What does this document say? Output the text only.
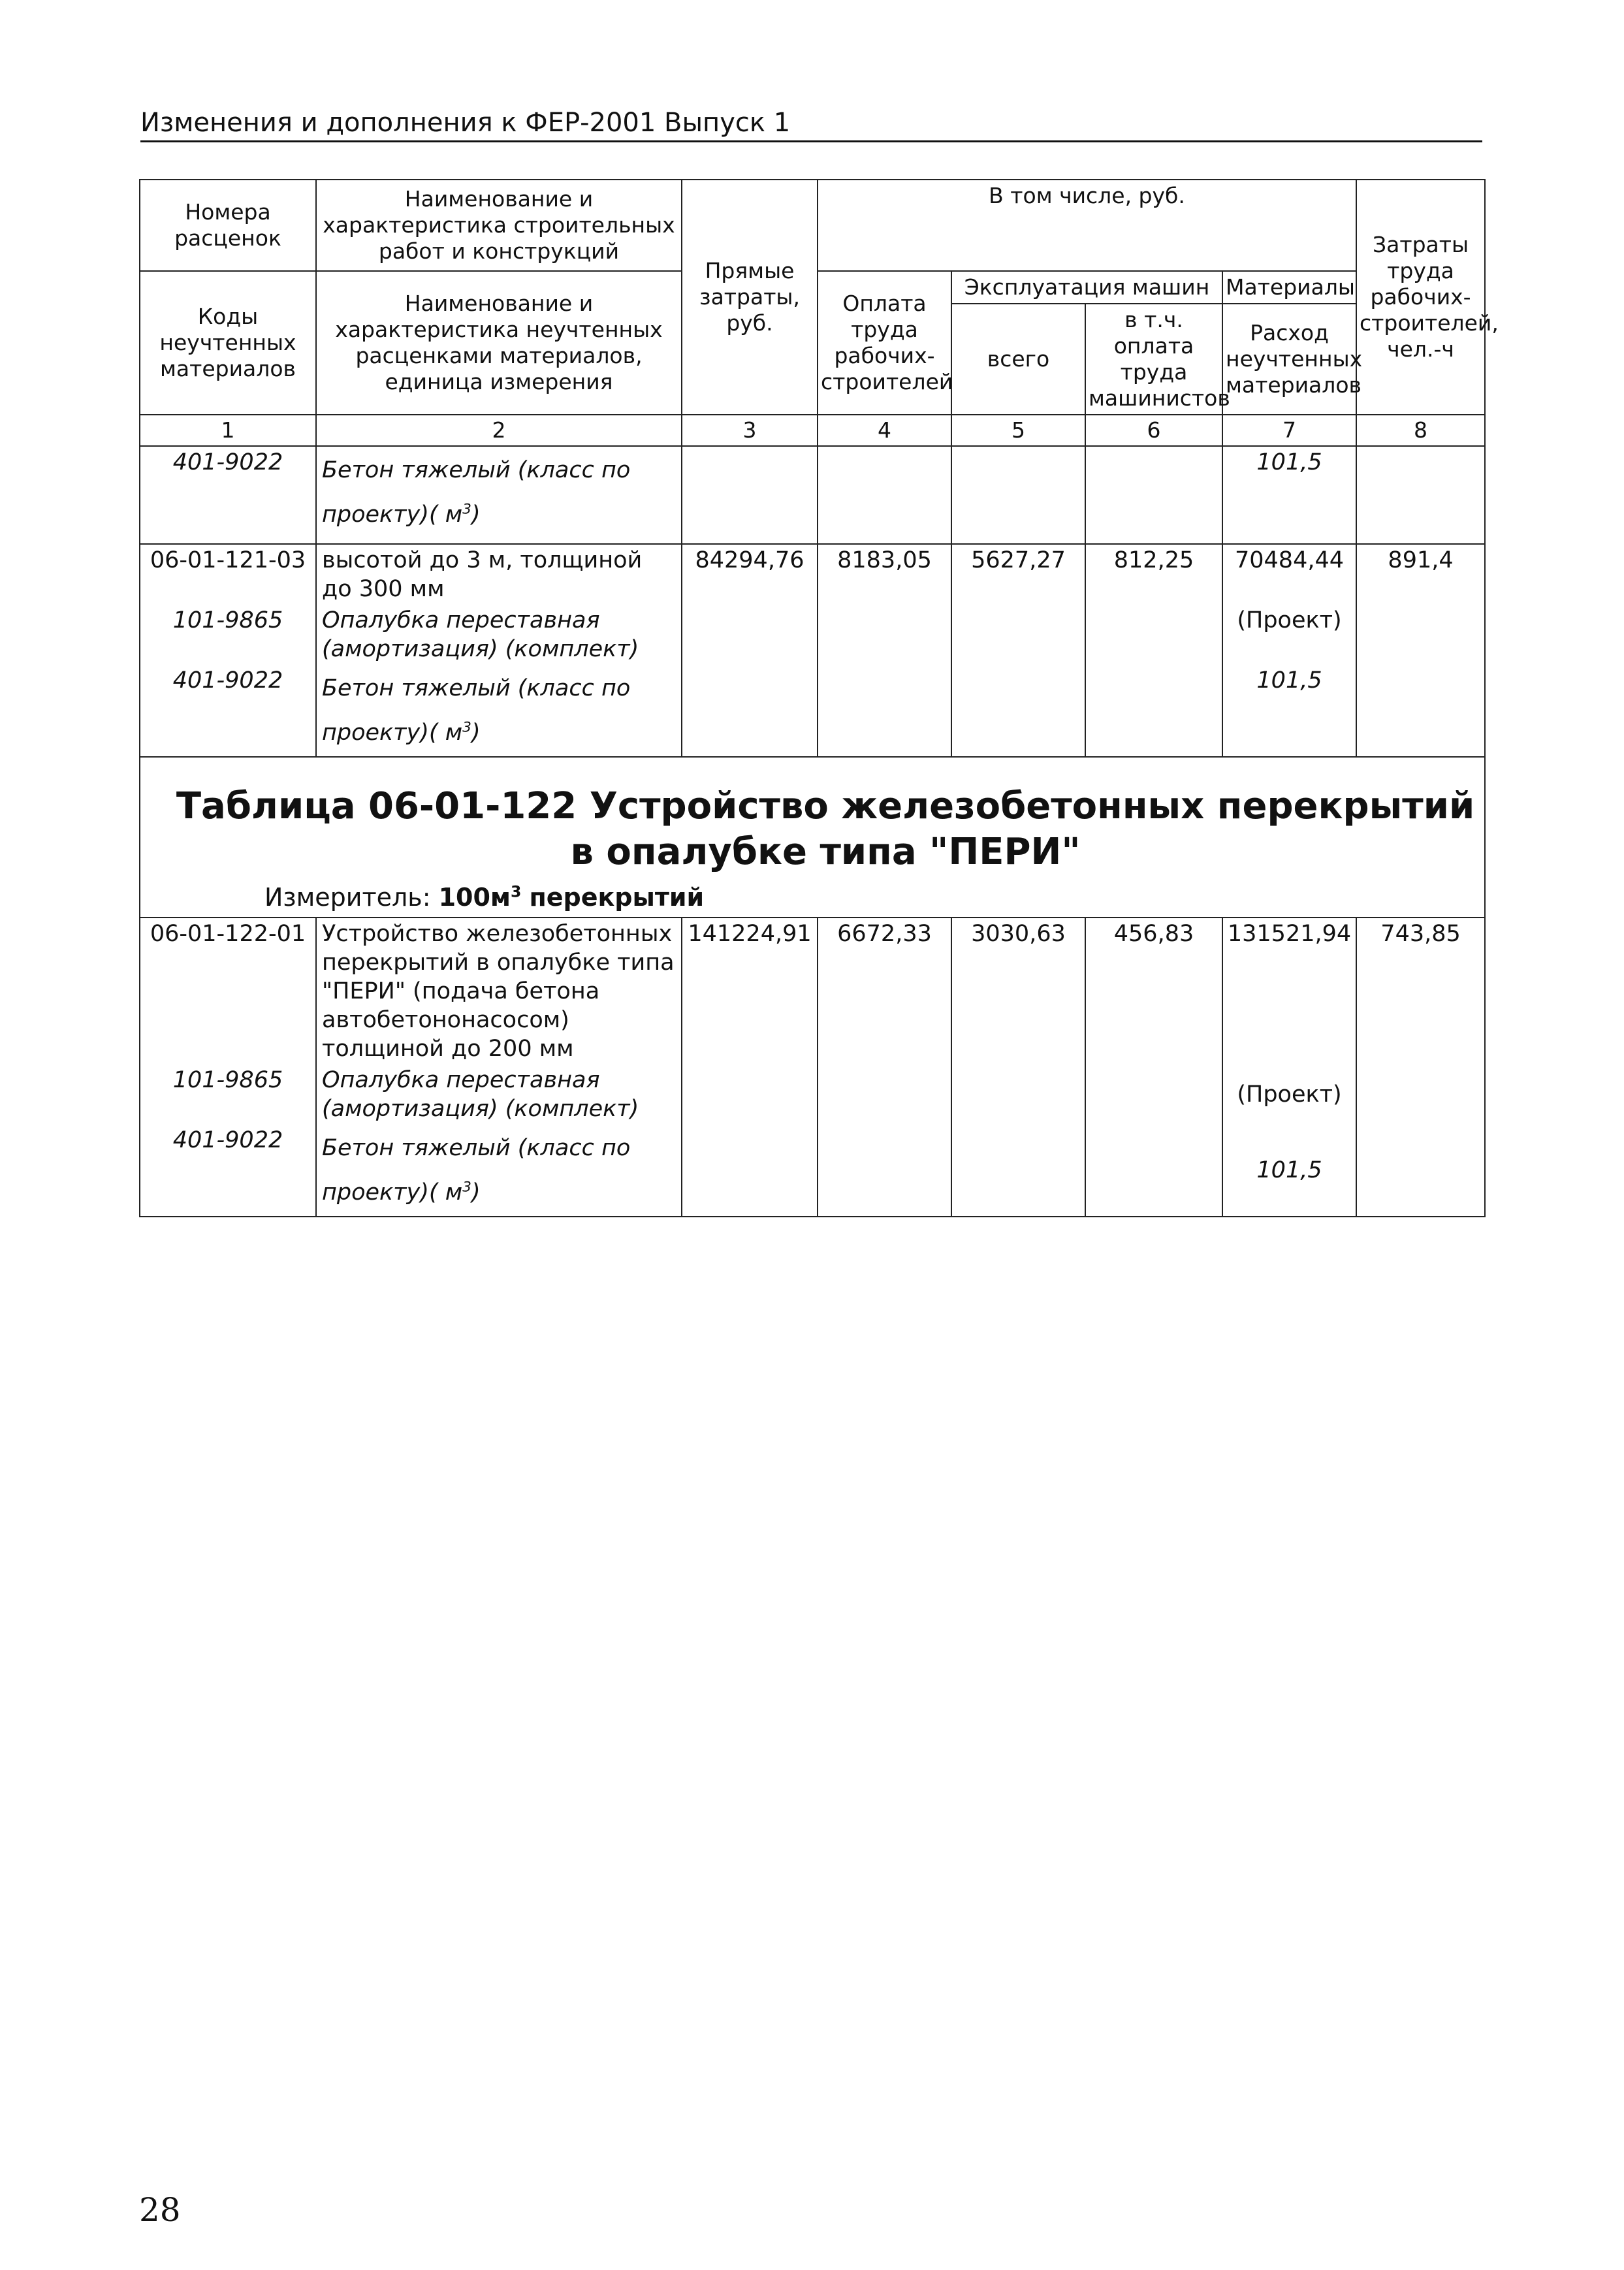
Изменения и дополнения к ФЕР-2001 Выпуск 1
Номера расценок	Наименование и характеристика строительных работ и конструкций	Прямые затраты, руб.	В том числе, руб.				Затраты труда рабочих-строителей, чел.-ч
Коды неучтенных материалов	Наименование и характеристика неучтенных расценками материалов, единица измерения		Оплата труда рабочих-строителей	Эксплуатация машин		Материалы	
				всего	в т.ч. оплата труда машинистов	Расход неучтенных материалов	
1	2	3	4	5	6	7	8
401-9022	Бетон тяжелый (класс по проекту)( $м^3$)					101,5	
06-01-121-03	высотой до 3 м, толщиной до 300 мм	84294,76	8183,05	5627,27	812,25	70484,44	891,4
101-9865	Опалубка переставная (амортизация) (комплект)					(Проект)	
401-9022	Бетон тяжелый (класс по проекту)( $м^3$)					101,5	

Таблица 06-01-122 Устройство железобетонных перекрытий в опалубке типа "ПЕРИ"
Измеритель: $100м^3$ перекрытий							

06-01-122-01	Устройство железобетонных перекрытий в опалубке типа "ПЕРИ" (подача бетона автобетононасосом) толщиной до 200 мм	141224,91	6672,33	3030,63	456,83	131521,94	743,85
101-9865	Опалубка переставная (амортизация) (комплект)					(Проект)	
401-9022	Бетон тяжелый (класс по проекту)( $м^3$)					101,5	
28
